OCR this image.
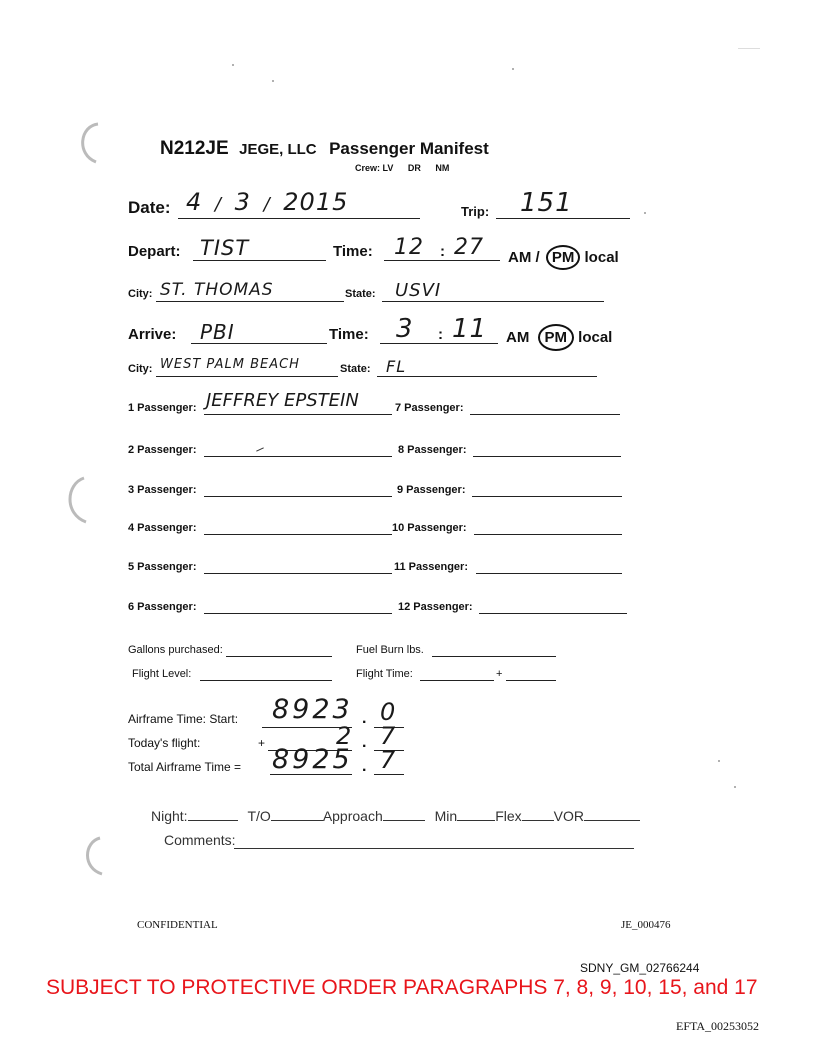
N212JE JEGE, LLC Passenger Manifest
Crew: LV DR NM
Date: 4 / 3 / 2015	Trip: 151
Depart: TIST	Time: 12 : 27 AM / PM local
City: ST. THOMAS	State: USVI
Arrive: PBI	Time: 3 : 11 AM PM local
City: WEST PALM BEACH	State: FL
1 Passenger: JEFFREY EPSTEIN
2 Passenger:
3 Passenger:
4 Passenger:
5 Passenger:
6 Passenger:
7 Passenger:
8 Passenger:
9 Passenger:
10 Passenger:
11 Passenger:
12 Passenger:
Gallons purchased:	Fuel Burn lbs.
Flight Level:	Flight Time:	+
Airframe Time: Start: 8923 . 0
Today's flight:	+	2 . 7
Total Airframe Time = 8925 . 7
Night:	T/O	Approach	Min	Flex VOR
Comments:
CONFIDENTIAL	JE_000476
SDNY_GM_02766244
SUBJECT TO PROTECTIVE ORDER PARAGRAPHS 7, 8, 9, 10, 15, and 17
EFTA_00253052
